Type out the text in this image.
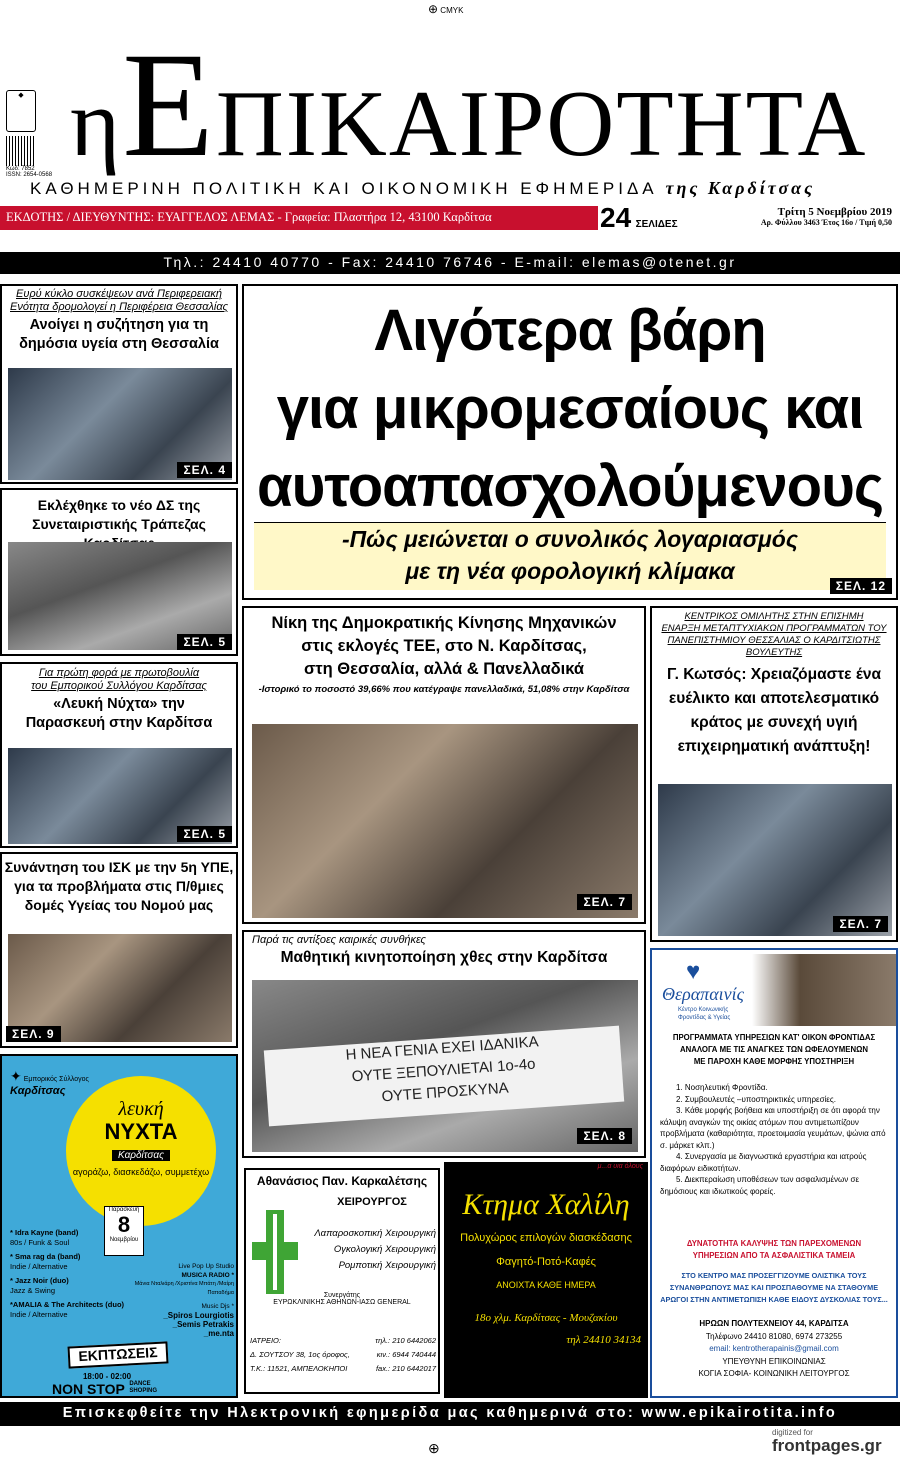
⊕ CMYK
◆
Κωδ: 7852
ISSN: 2654-0568 ηΕΠΙΚΑΙΡΟΤΗΤΑ
ΚΑΘΗΜΕΡΙΝΗ ΠΟΛΙΤΙΚΗ ΚΑΙ ΟΙΚΟΝΟΜΙΚΗ ΕΦΗΜΕΡΙΔΑ της Καρδίτσας
ΕΚΔΟΤΗΣ / ΔΙΕΥΘΥΝΤΗΣ: ΕΥΑΓΓΕΛΟΣ ΛΕΜΑΣ - Γραφεία: Πλαστήρα 12, 43100 Καρδίτσα	24 ΣΕΛΙΔΕΣ
Τρίτη 5 Νοεμβρίου 2019
Αρ. Φύλλου 3463 Έτος 16ο / Τιμή 0,50
Τηλ.: 24410 40770 - Fax: 24410 76746 - E-mail: elemas@otenet.gr
Λιγότερα βάρη
για μικρομεσαίους και
αυτοαπασχολούμενους
-Πώς μειώνεται ο συνολικός λογαριασμός
με τη νέα φορολογική κλίμακα
ΣΕΛ. 12
Ευρύ κύκλο συσκέψεων ανά Περιφερειακή
Ενότητα δρομολογεί η Περιφέρεια Θεσσαλίας
Ανοίγει η συζήτηση για τη
δημόσια υγεία στη Θεσσαλία
ΣΕΛ. 4
Εκλέχθηκε το νέο ΔΣ της
Συνεταιριστικής Τράπεζας
ΣΕΛ. 5
Για πρώτη φορά με πρωτοβουλία
του Εμπορικού Συλλόγου Καρδίτσας
«Λευκή Νύχτα» την
Παρασκευή στην Καρδίτσα
ΣΕΛ. 5
Συνάντηση του ΙΣΚ με την 5η ΥΠΕ,
για τα προβλήματα στις Π/θμιες
δομές Υγείας του Νομού μας
ΣΕΛ. 9
Νίκη της Δημοκρατικής Κίνησης Μηχανικών
στις εκλογές ΤΕΕ, στο Ν. Καρδίτσας,
στη Θεσσαλία, αλλά & Πανελλαδικά
-Ιστορικό το ποσοστό 39,66% που κατέγραψε πανελλαδικά, 51,08% στην Καρδίτσα
ΣΕΛ. 7
ΚΕΝΤΡΙΚΟΣ ΟΜΙΛΗΤΗΣ ΣΤΗΝ ΕΠΙΣΗΜΗ
ΕΝΑΡΞΗ ΜΕΤΑΠΤΥΧΙΑΚΩΝ ΠΡΟΓΡΑΜΜΑΤΩΝ ΤΟΥ
ΠΑΝΕΠΙΣΤΗΜΙΟΥ ΘΕΣΣΑΛΙΑΣ Ο ΚΑΡΔΙΤΣΙΩΤΗΣ
ΒΟΥΛΕΥΤΗΣ
Γ. Κωτσός: Χρειαζόμαστε ένα
ευέλικτο και αποτελεσματικό
κράτος με συνεχή υγιή
επιχειρηματική ανάπτυξη!
ΣΕΛ. 7
Παρά τις αντίξοες καιρικές συνθήκες
Μαθητική κινητοποίηση χθες στην Καρδίτσα
Η ΝΕΑ ΓΕΝΙΑ ΕΧΕΙ ΙΔΑΝΙΚΑ
ΟΥΤΕ ΞΕΠΟΥΛΙΕΤΑΙ 1ο-4ο
ΟΥΤΕ ΠΡΟΣΚΥΝΑ
ΣΕΛ. 8
✦ Εμπορικός Σύλλογος
Καρδίτσας
λευκή
ΝΥΧΤΑ
Καρδίτσας
αγοράζω, διασκεδάζω, συμμετέχω
Παρασκευή
8
Νοεμβρίου
* Idra Kayne (band)
80s / Funk & Soul
* Sma rag da (band)
Indie / Alternative
* Jazz Noir (duo)
Jazz & Swing
*AMALIA & The Architects (duo)
Indie / Alternative
Live Pop Up Studio
MUSICA RADIO *
Μάνια Νταλιάρη /Χριστίνα Μπάτη /Μαίρη Παπαδήμα
Music Djs *
_Spiros Lourgiotis
_Semis Petrakis
_me.nta
ΕΚΠΤΩΣΕΙΣ
18:00 - 02:00
NON STOP DANCE
SHOPING
Αθανάσιος Παν. Καρκαλέτσης
ΧΕΙΡΟΥΡΓΟΣ
Λαπαροσκοπική Χειρουργική
Ογκολογική Χειρουργική
Ρομποτική Χειρουργική
Συνεργάτης
ΕΥΡΩΚΛΙΝΙΚΗΣ ΑΘΗΝΩΝ-ΙΑΣΩ GENERAL
ΙΑΤΡΕΙΟ:
Δ. ΣΟΥΤΣΟΥ 38, 1ος όροφος,
Τ.Κ.: 11521, ΑΜΠΕΛΟΚΗΠΟΙ
τηλ.: 210 6442062
κιν.: 6944 740444
fax.: 210 6442017
μ...α υια όλους
Κτημα Χαλίλη
Πολυχώρος επιλογών διασκέδασης
Φαγητό-Ποτό-Καφές
ΑΝΟΙΧΤΑ ΚΑΘΕ ΗΜΕΡΑ
18ο χλμ. Καρδίτσας - Μουζακίου
τηλ 24410 34134
♥
Θεραπαινίς
Κέντρο Κοινωνικής
Φροντίδας & Υγείας
ΠΡΟΓΡΑΜΜΑΤΑ ΥΠΗΡΕΣΙΩΝ ΚΑΤ' ΟΙΚΟΝ ΦΡΟΝΤΙΔΑΣ
ΑΝΑΛΟΓΑ ΜΕ ΤΙΣ ΑΝΑΓΚΕΣ ΤΩΝ ΩΦΕΛΟΥΜΕΝΩΝ
ΜΕ ΠΑΡΟΧΗ ΚΑΘΕ ΜΟΡΦΗΣ ΥΠΟΣΤΗΡΙΞΗ
1. Νοσηλευτική Φροντίδα.
2. Συμβουλευτές –υποστηρικτικές υπηρεσίες.
3. Κάθε μορφής βοήθεια και υποστήριξη σε ότι αφορά την κάλυψη αναγκών της οικίας ατόμων που αντιμετωπίζουν προβλήματα (καθαριότητα, προετοιμασία γευμάτων, ψώνια από σ. μάρκετ κλπ.)
4. Συνεργασία με διαγνωστικά εργαστήρια και ιατρούς διαφόρων ειδικοτήτων.
5. Διεκπεραίωση υποθέσεων των ασφαλισμένων σε δημόσιους και ιδιωτικούς φορείς.
ΔΥΝΑΤΟΤΗΤΑ ΚΑΛΥΨΗΣ ΤΩΝ ΠΑΡΕΧΟΜΕΝΩΝ
ΥΠΗΡΕΣΙΩΝ ΑΠΟ ΤΑ ΑΣΦΑΛΙΣΤΙΚΑ ΤΑΜΕΙΑ
ΣΤΟ ΚΕΝΤΡΟ ΜΑΣ ΠΡΟΣΕΓΓΙΖΟΥΜΕ ΟΛΙΣΤΙΚΑ ΤΟΥΣ
ΣΥΝΑΝΘΡΩΠΟΥΣ ΜΑΣ ΚΑΙ ΠΡΟΣΠΑΘΟΥΜΕ ΝΑ ΣΤΑΘΟΥΜΕ
ΑΡΩΓΟΙ ΣΤΗΝ ΑΝΤΙΜΕΤΩΠΙΣΗ ΚΑΘΕ ΕΙΔΟΥΣ ΔΥΣΚΟΛΙΑΣ ΤΟΥΣ...
ΗΡΩΩΝ ΠΟΛΥΤΕΧΝΕΙΟΥ 44, ΚΑΡΔΙΤΣΑ
Τηλέφωνο 24410 81080, 6974 273255
email: kentrotherapainis@gmail.com
ΥΠΕΥΘΥΝΗ ΕΠΙΚΟΙΝΩΝΙΑΣ
ΚΟΓΙΑ ΣΟΦΙΑ- ΚΟΙΝΩΝΙΚΗ ΛΕΙΤΟΥΡΓΟΣ
Επισκεφθείτε την Ηλεκτρονική εφημερίδα μας καθημερινά στο: www.epikairotita.info
⊕
digitized for
frontpages.gr
